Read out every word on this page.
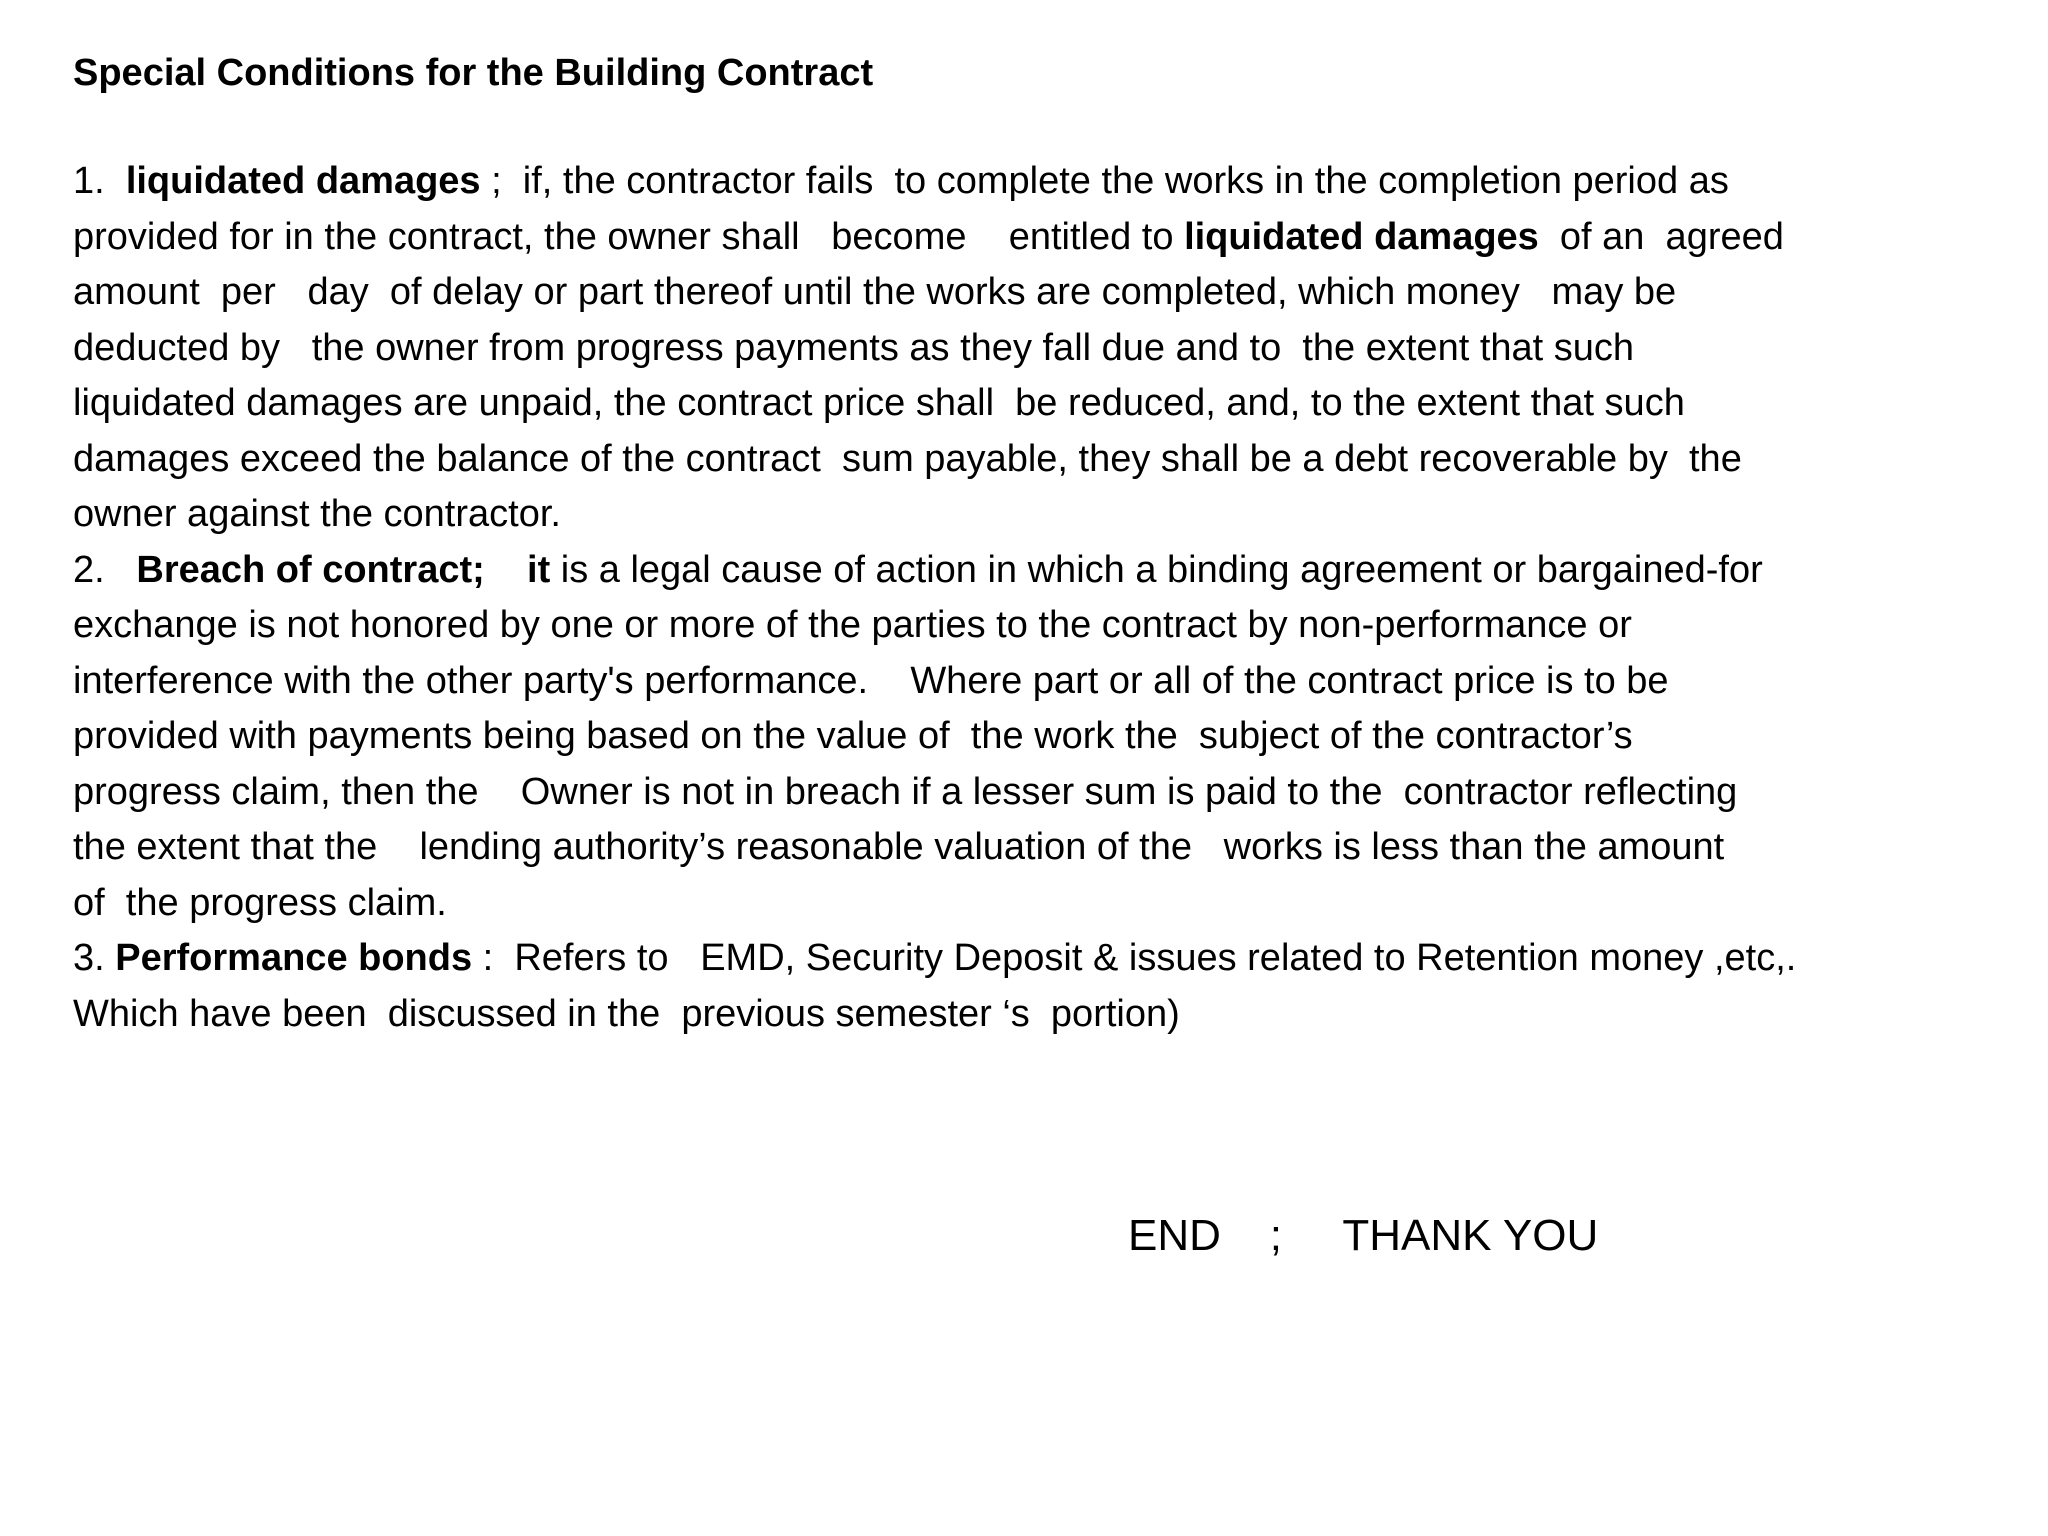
Special Conditions for the Building Contract
1.  liquidated damages ;  if, the contractor fails  to complete the works in the completion period as
provided for in the contract, the owner shall   become    entitled to liquidated damages  of an  agreed
amount  per   day  of delay or part thereof until the works are completed, which money   may be
deducted by   the owner from progress payments as they fall due and to  the extent that such
liquidated damages are unpaid, the contract price shall  be reduced, and, to the extent that such
damages exceed the balance of the contract  sum payable, they shall be a debt recoverable by  the
owner against the contractor.
2.   Breach of contract;    it is a legal cause of action in which a binding agreement or bargained-for
exchange is not honored by one or more of the parties to the contract by non-performance or
interference with the other party's performance.    Where part or all of the contract price is to be
provided with payments being based on the value of  the work the  subject of the contractor’s
progress claim, then the    Owner is not in breach if a lesser sum is paid to the  contractor reflecting
the extent that the    lending authority’s reasonable valuation of the   works is less than the amount
of  the progress claim.
3. Performance bonds :  Refers to   EMD, Security Deposit & issues related to Retention money ,etc,.
Which have been  discussed in the  previous semester ‘s  portion)
END    ;     THANK YOU
